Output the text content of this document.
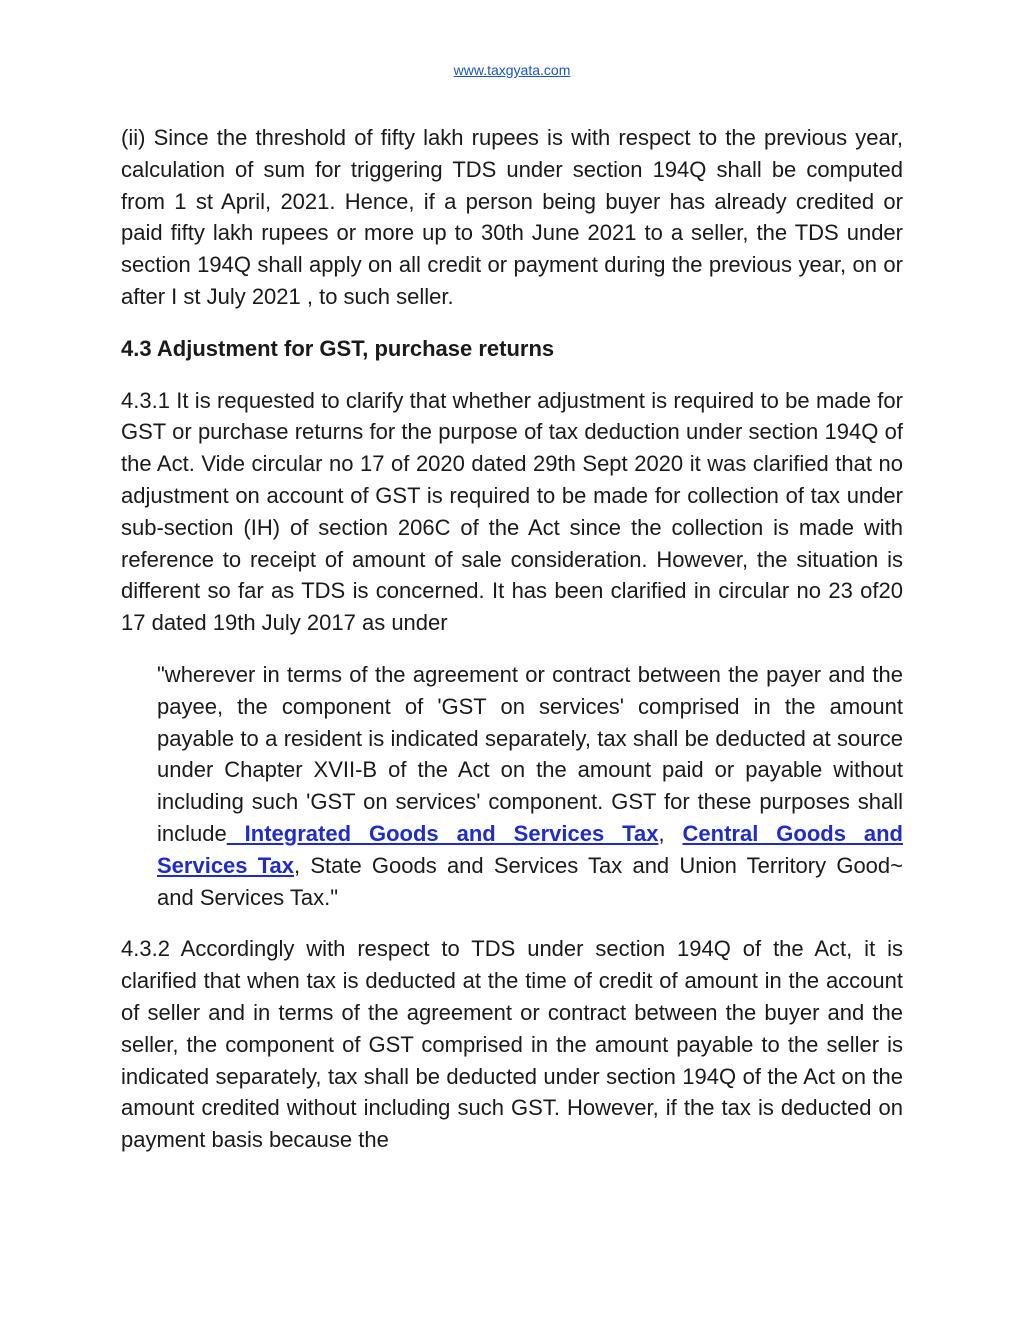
www.taxgyata.com

(ii) Since the threshold of fifty lakh rupees is with respect to the previous year, calculation of sum for triggering TDS under section 194Q shall be computed from 1 st April, 2021. Hence, if a person being buyer has already credited or paid fifty lakh rupees or more up to 30th June 2021 to a seller, the TDS under section 194Q shall apply on all credit or payment during the previous year, on or after I st July 2021 , to such seller.

4.3 Adjustment for GST, purchase returns

4.3.1 It is requested to clarify that whether adjustment is required to be made for GST or purchase returns for the purpose of tax deduction under section 194Q of the Act. Vide circular no 17 of 2020 dated 29th Sept 2020 it was clarified that no adjustment on account of GST is required to be made for collection of tax under sub-section (IH) of section 206C of the Act since the collection is made with reference to receipt of amount of sale consideration. However, the situation is different so far as TDS is concerned. It has been clarified in circular no 23 of20 17 dated 19th July 2017 as under

"wherever in terms of the agreement or contract between the payer and the payee, the component of 'GST on services' comprised in the amount payable to a resident is indicated separately, tax shall be deducted at source under Chapter XVII-B of the Act on the amount paid or payable without including such 'GST on services' component. GST for these purposes shall include Integrated Goods and Services Tax, Central Goods and Services Tax, State Goods and Services Tax and Union Territory Good~ and Services Tax."

4.3.2 Accordingly with respect to TDS under section 194Q of the Act, it is clarified that when tax is deducted at the time of credit of amount in the account of seller and in terms of the agreement or contract between the buyer and the seller, the component of GST comprised in the amount payable to the seller is indicated separately, tax shall be deducted under section 194Q of the Act on the amount credited without including such GST. However, if the tax is deducted on payment basis because the
